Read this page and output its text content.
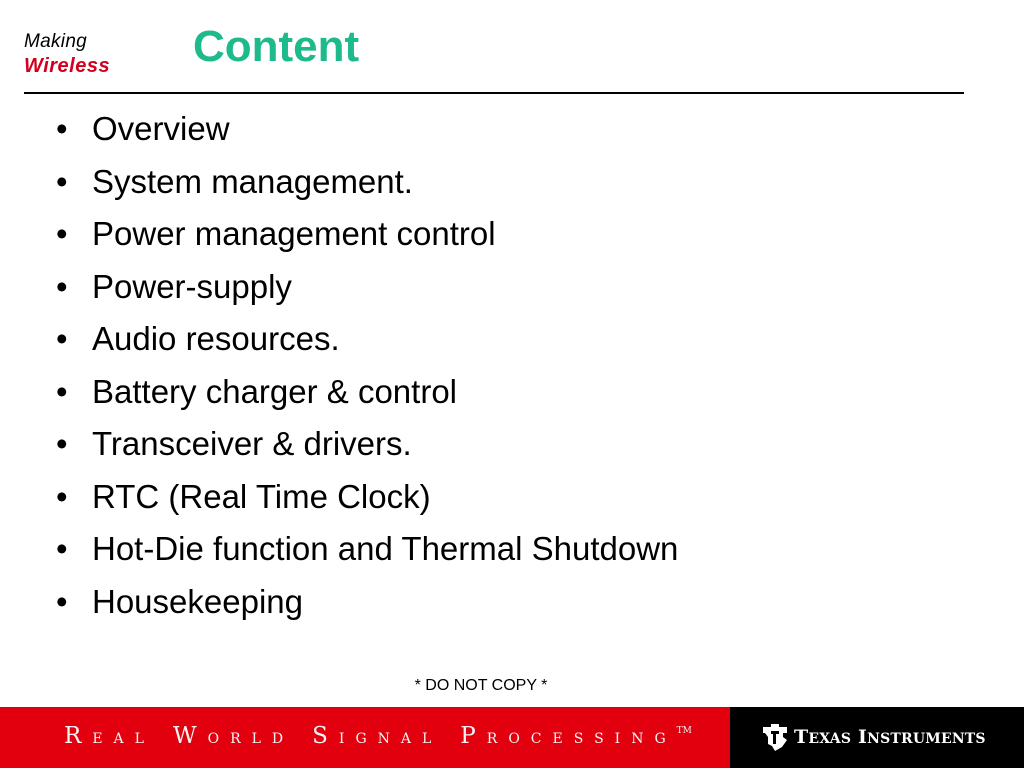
Making
Wireless Content
• Overview
• System management.
• Power management control
• Power-supply
• Audio resources.
• Battery charger & control
• Transceiver & drivers.
• RTC (Real Time Clock)
• Hot-Die function and Thermal Shutdown
• Housekeeping
* DO NOT COPY *
REAL WORLD SIGNAL PROCESSING™	TEXAS INSTRUMENTS
